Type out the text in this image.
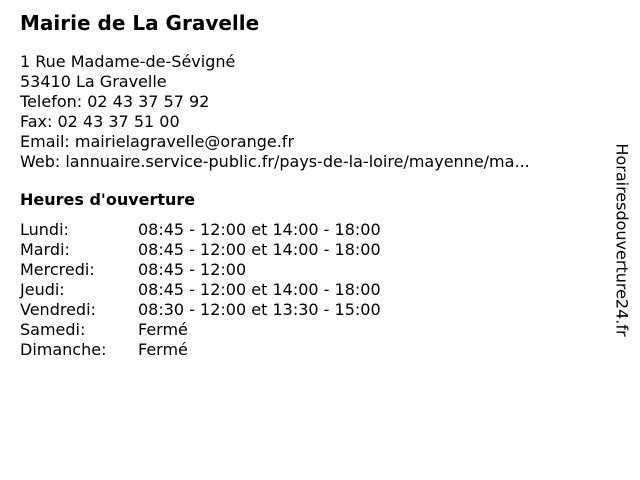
Mairie de La Gravelle
1 Rue Madame-de-Sévigné
53410 La Gravelle
Telefon: 02 43 37 57 92
Fax: 02 43 37 51 00
Email: mairielagravelle@orange.fr
Web: lannuaire.service-public.fr/pays-de-la-loire/mayenne/ma...
Heures d'ouverture
Lundi:	08:45 - 12:00 et 14:00 - 18:00
Mardi:	08:45 - 12:00 et 14:00 - 18:00
Mercredi:	08:45 - 12:00
Jeudi:	08:45 - 12:00 et 14:00 - 18:00
Vendredi:	08:30 - 12:00 et 13:30 - 15:00
Samedi:	Fermé
Dimanche:	Fermé
Horairesdouverture24.fr
